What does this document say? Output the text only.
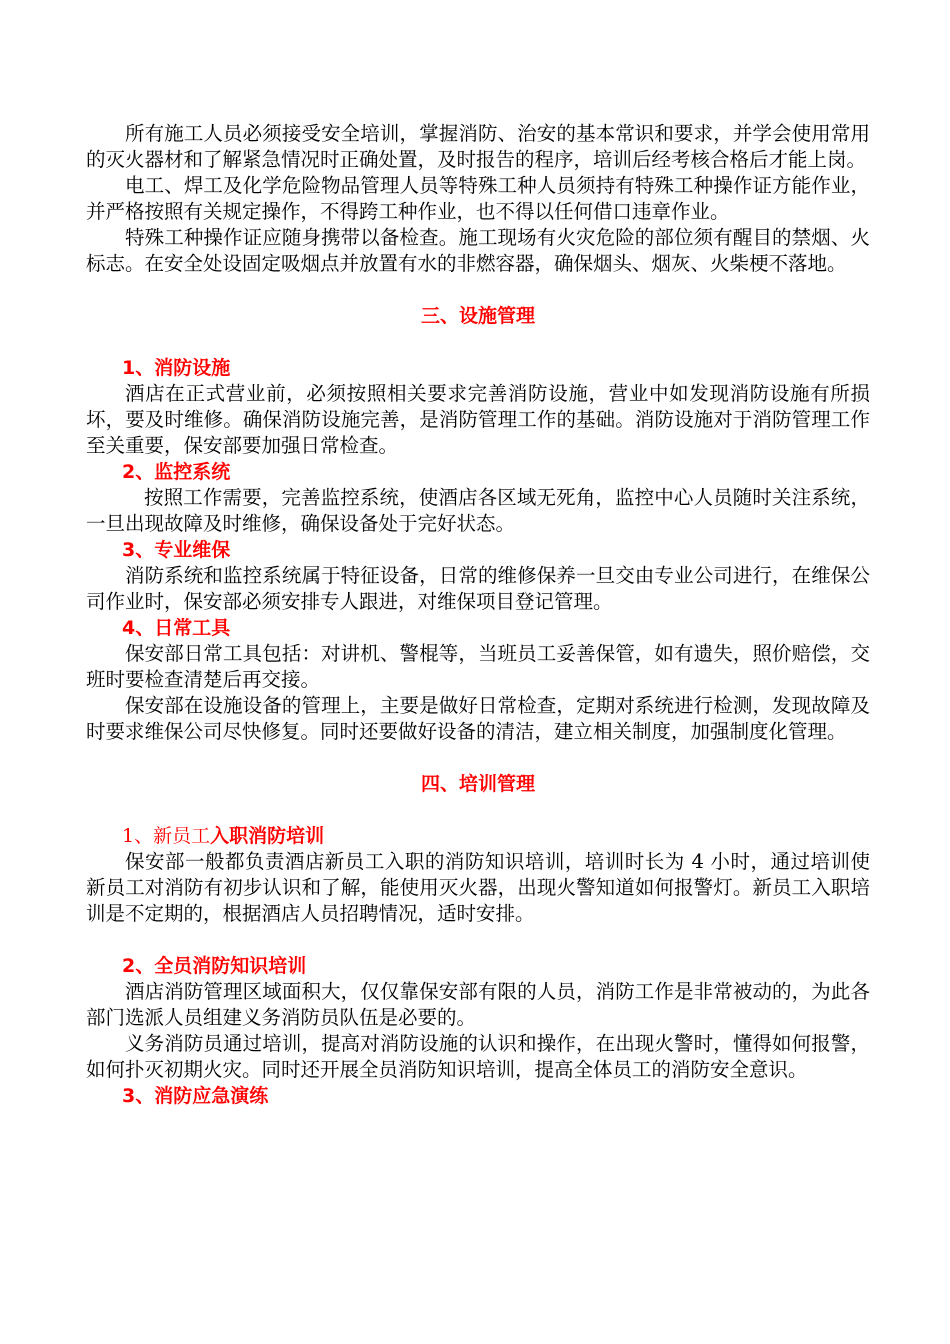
所有施工人员必须接受安全培训，掌握消防、治安的基本常识和要求，并学会使用常用的灭火器材和了解紧急情况时正确处置，及时报告的程序，培训后经考核合格后才能上岗。

电工、焊工及化学危险物品管理人员等特殊工种人员须持有特殊工种操作证方能作业，并严格按照有关规定操作，不得跨工种作业，也不得以任何借口违章作业。

特殊工种操作证应随身携带以备检查。施工现场有火灾危险的部位须有醒目的禁烟、火标志。在安全处设固定吸烟点并放置有水的非燃容器，确保烟头、烟灰、火柴梗不落地。

三、设施管理
1、消防设施

酒店在正式营业前，必须按照相关要求完善消防设施，营业中如发现消防设施有所损坏，要及时维修。确保消防设施完善，是消防管理工作的基础。消防设施对于消防管理工作至关重要，保安部要加强日常检查。

2、监控系统

按照工作需要，完善监控系统，使酒店各区域无死角，监控中心人员随时关注系统，一旦出现故障及时维修，确保设备处于完好状态。

3、专业维保

消防系统和监控系统属于特征设备，日常的维修保养一旦交由专业公司进行，在维保公司作业时，保安部必须安排专人跟进，对维保项目登记管理。

4、日常工具

保安部日常工具包括：对讲机、警棍等，当班员工妥善保管，如有遗失，照价赔偿，交班时要检查清楚后再交接。

保安部在设施设备的管理上，主要是做好日常检查，定期对系统进行检测，发现故障及时要求维保公司尽快修复。同时还要做好设备的清洁，建立相关制度，加强制度化管理。

四、培训管理
1、新员工入职消防培训

保安部一般都负责酒店新员工入职的消防知识培训，培训时长为 4 小时，通过培训使新员工对消防有初步认识和了解，能使用灭火器，出现火警知道如何报警灯。新员工入职培训是不定期的，根据酒店人员招聘情况，适时安排。

2、全员消防知识培训

酒店消防管理区域面积大，仅仅靠保安部有限的人员，消防工作是非常被动的，为此各部门选派人员组建义务消防员队伍是必要的。

义务消防员通过培训，提高对消防设施的认识和操作，在出现火警时，懂得如何报警，如何扑灭初期火灾。同时还开展全员消防知识培训，提高全体员工的消防安全意识。

3、消防应急演练
